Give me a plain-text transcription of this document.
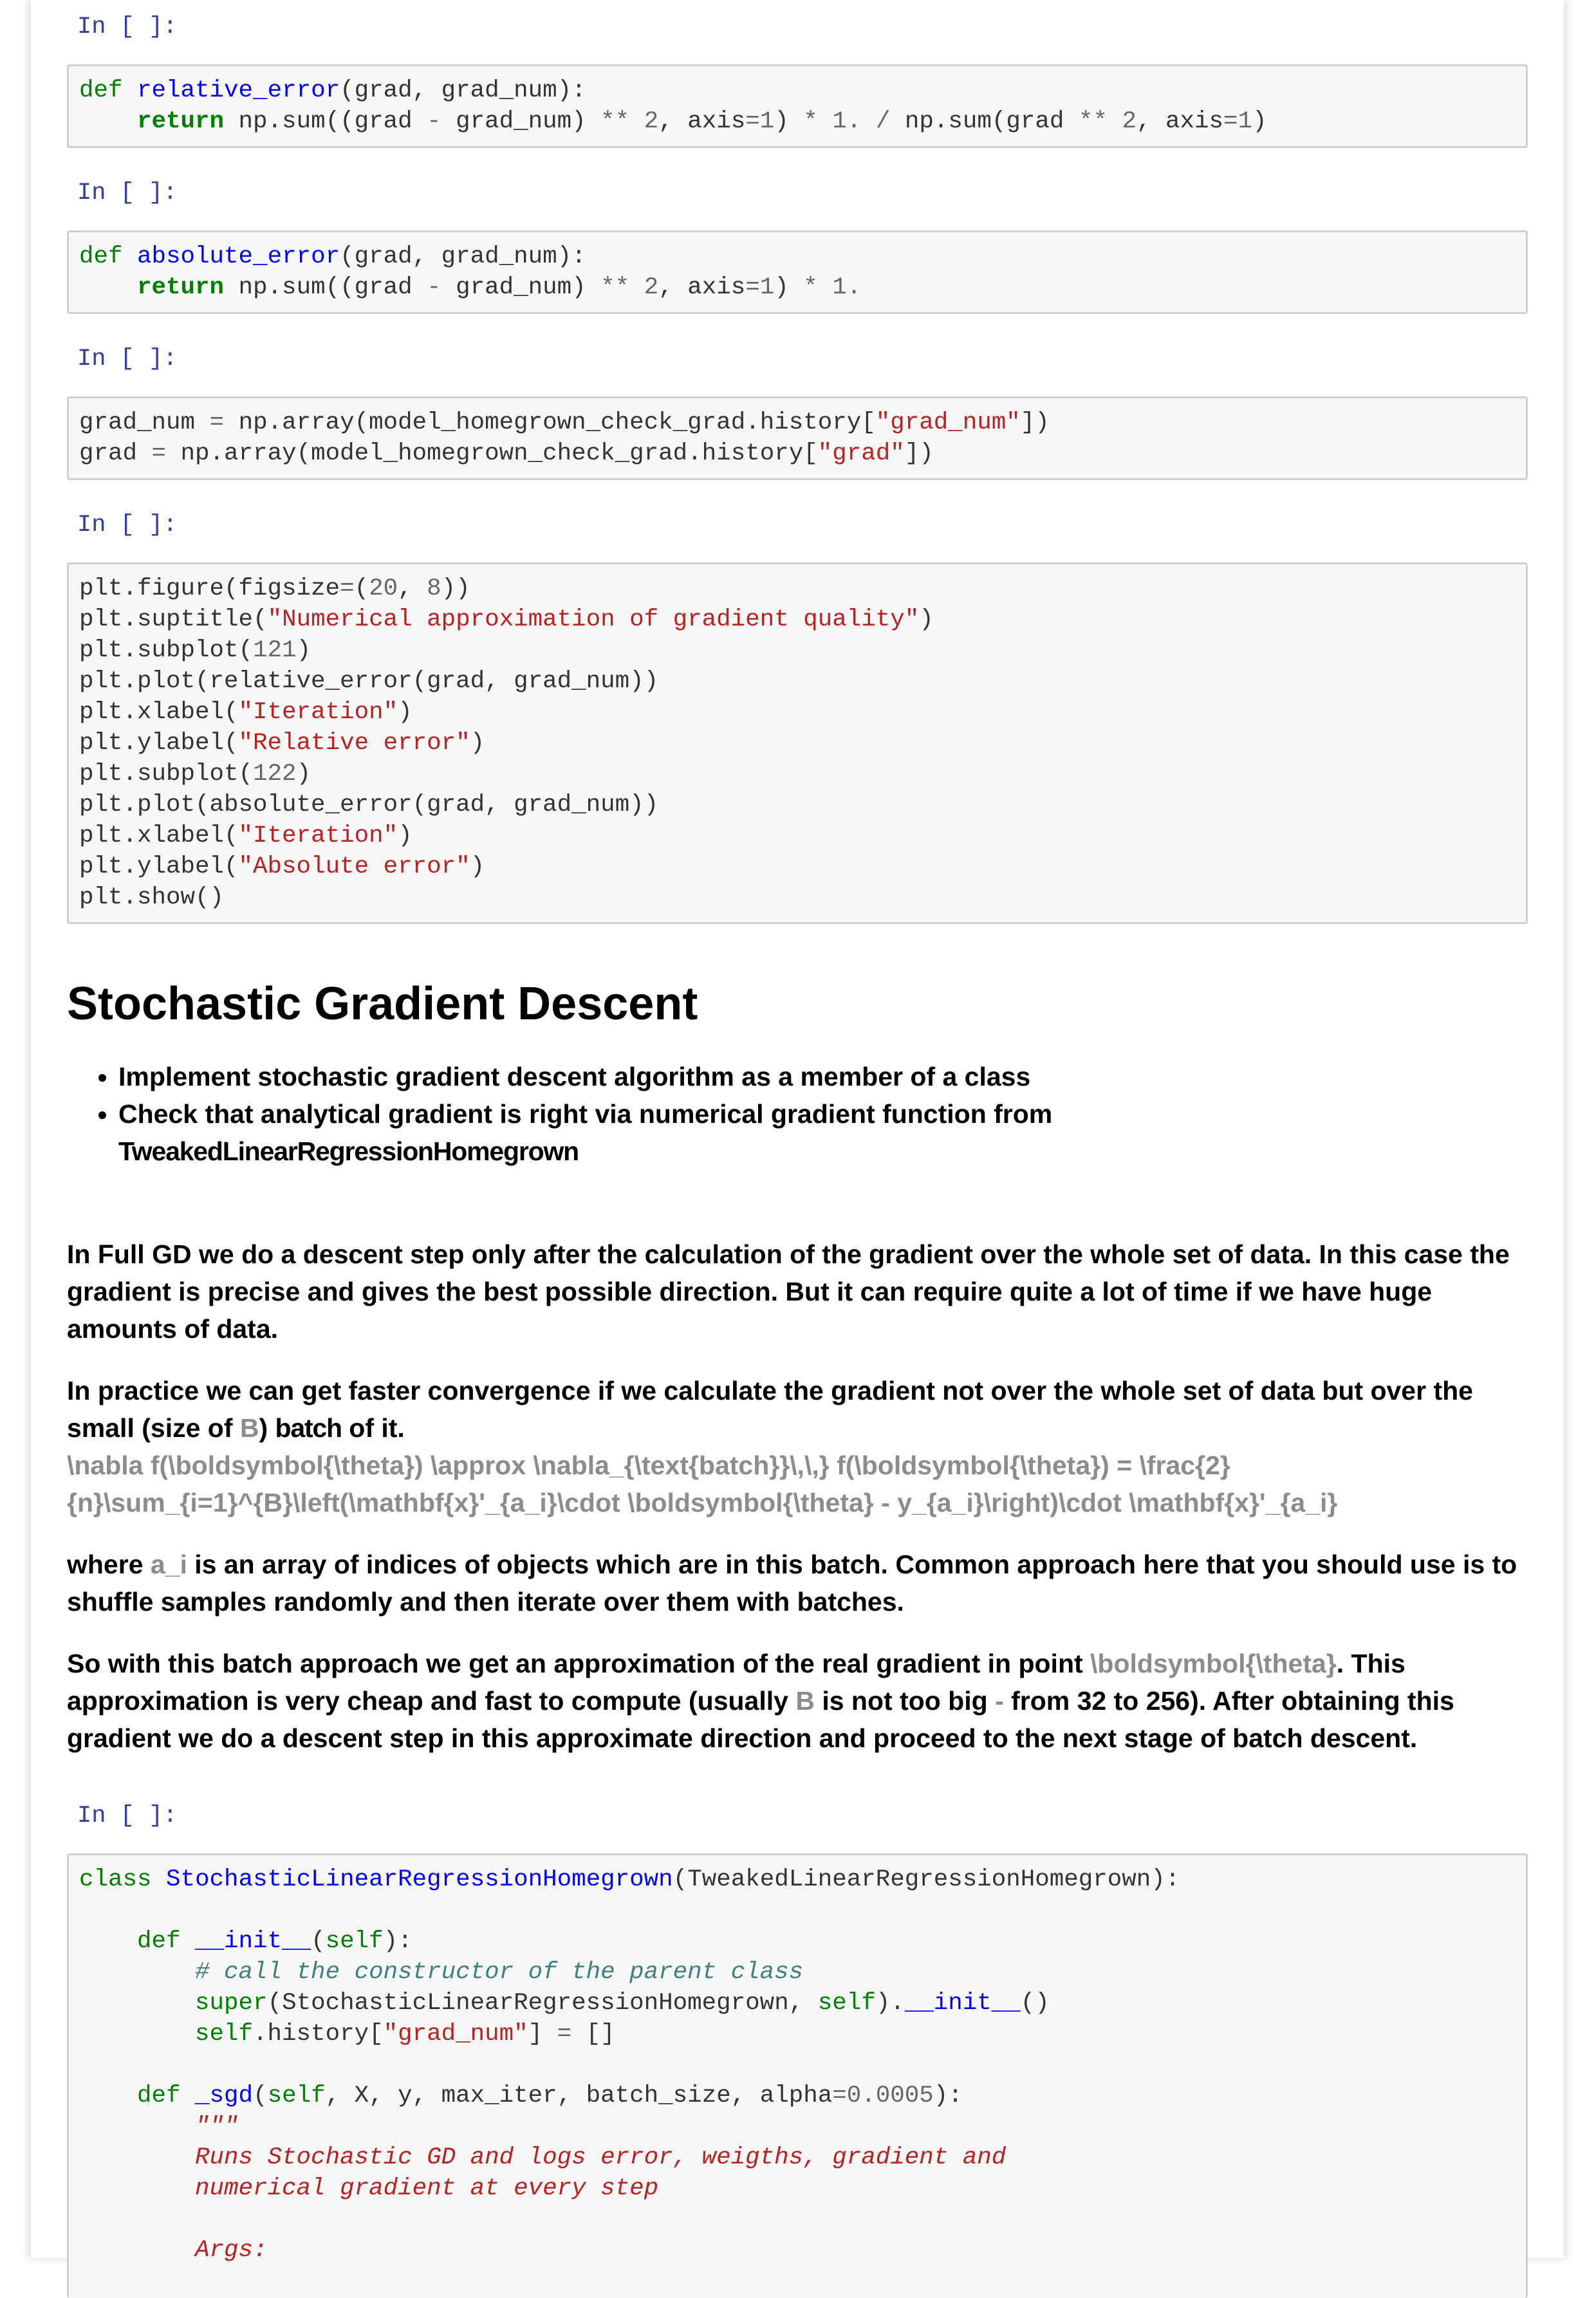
In [ ]:
def relative_error(grad, grad_num):
return np.sum((grad - grad_num) ** 2, axis=1) * 1. / np.sum(grad ** 2, axis=1)
In [ ]:
def absolute_error(grad, grad_num):
return np.sum((grad - grad_num) ** 2, axis=1) * 1.
In [ ]:
grad_num = np.array(model_homegrown_check_grad.history["grad_num"])
grad = np.array(model_homegrown_check_grad.history["grad"])
In [ ]:
plt.figure(figsize=(20, 8))
plt.suptitle("Numerical approximation of gradient quality")
plt.subplot(121)
plt.plot(relative_error(grad, grad_num))
plt.xlabel("Iteration")
plt.ylabel("Relative error")
plt.subplot(122)
plt.plot(absolute_error(grad, grad_num))
plt.xlabel("Iteration")
plt.ylabel("Absolute error")
plt.show()
Stochastic Gradient Descent
• Implement stochastic gradient descent algorithm as a member of a class
• Check that analytical gradient is right via numerical gradient function from
TweakedLinearRegressionHomegrown

In Full GD we do a descent step only after the calculation of the gradient over the whole set of data. In this case the gradient is precise and gives the best possible direction. But it can require quite a lot of time if we have huge amounts of data.

In practice we can get faster convergence if we calculate the gradient not over the whole set of data but over the small (size of B) batch of it.

\nabla f(\boldsymbol{\theta}) \approx \nabla_{\text{batch}}\,\,} f(\boldsymbol{\theta}) = \frac{2}{n}\sum_{i=1}^{B}\left(\mathbf{x}'_{a_i}\cdot \boldsymbol{\theta} - y_{a_i}\right)\cdot \mathbf{x}'_{a_i}

where a_i is an array of indices of objects which are in this batch. Common approach here that you should use is to shuffle samples randomly and then iterate over them with batches.

So with this batch approach we get an approximation of the real gradient in point \boldsymbol{\theta}. This approximation is very cheap and fast to compute (usually B is not too big - from 32 to 256). After obtaining this gradient we do a descent step in this approximate direction and proceed to the next stage of batch descent.

In [ ]:
class StochasticLinearRegressionHomegrown(TweakedLinearRegressionHomegrown):

def __init__(self):
# call the constructor of the parent class
super(StochasticLinearRegressionHomegrown, self).__init__()
self.history["grad_num"] = []

def _sgd(self, X, y, max_iter, batch_size, alpha=0.0005):
"""
Runs Stochastic GD and logs error, weigths, gradient and
numerical gradient at every step

Args:
